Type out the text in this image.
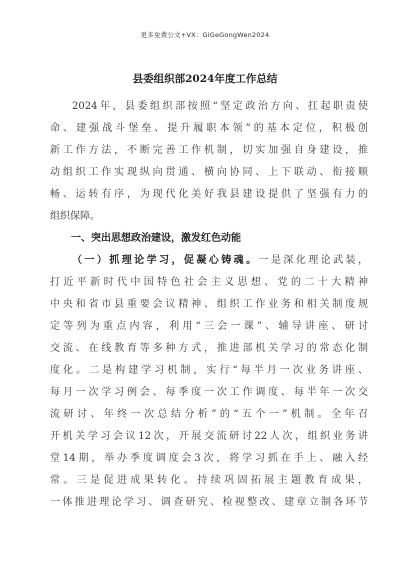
更多免费公文+VX：GiGeGongWen2024
县委组织部2024年度工作总结
2024年，县委组织部按照“坚定政治方向、扛起职责使
命、建强战斗堡垒、提升履职本领”的基本定位，积极创
新工作方法，不断完善工作机制，切实加强自身建设，推
动组织工作实现纵向贯通、横向协同、上下联动、衔接顺
畅、运转有序，为现代化美好我县建设提供了坚强有力的
组织保障。
一、突出思想政治建设，激发红色动能
（一）抓理论学习，促凝心铸魂。一是深化理论武装，
打近平新时代中国特色社会主义思想、党的二十大精神
中央和省市县重要会议精神、组织工作业务和相关制度规
定等列为重点内容，利用“三会一课”、辅导讲座、研讨
交流、在线教育等多种方式，推进部机关学习的常态化制
度化。二是构建学习机制，实行“每半月一次业务讲座、
每月一次学习例会、每季度一次工作调度、每半年一次交
流研讨、年终一次总结分析”的“五个一”机制。全年召
开机关学习会议12次，开展交流研讨22人次，组织业务讲
堂14期，举办季度调度会3次，将学习抓在手上、融入经
常。三是促进成果转化。持续巩固拓展主题教育成果，
一体推进理论学习、调查研究、检视整改、建章立制各环节
